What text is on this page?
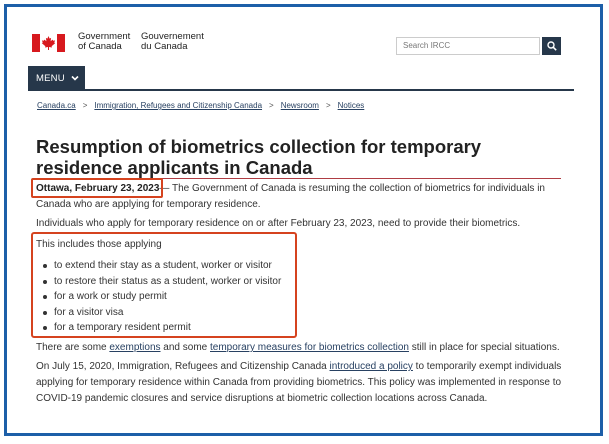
Government
of Canada
Gouvernement
du Canada	Search IRCC
MENU
Canada.ca > Immigration, Refugees and Citizenship Canada > Newsroom > Notices
Resumption of biometrics collection for temporary residence applicants in Canada

Ottawa, February 23, 2023— The Government of Canada is resuming the collection of biometrics for individuals in Canada who are applying for temporary residence.

Individuals who apply for temporary residence on or after February 23, 2023, need to provide their biometrics.

This includes those applying

to extend their stay as a student, worker or visitor
to restore their status as a student, worker or visitor
for a work or study permit
for a visitor visa
for a temporary resident permit

There are some exemptions and some temporary measures for biometrics collection still in place for special situations.

On July 15, 2020, Immigration, Refugees and Citizenship Canada introduced a policy to temporarily exempt individuals applying for temporary residence within Canada from providing biometrics. This policy was implemented in response to COVID-19 pandemic closures and service disruptions at biometric collection locations across Canada.
